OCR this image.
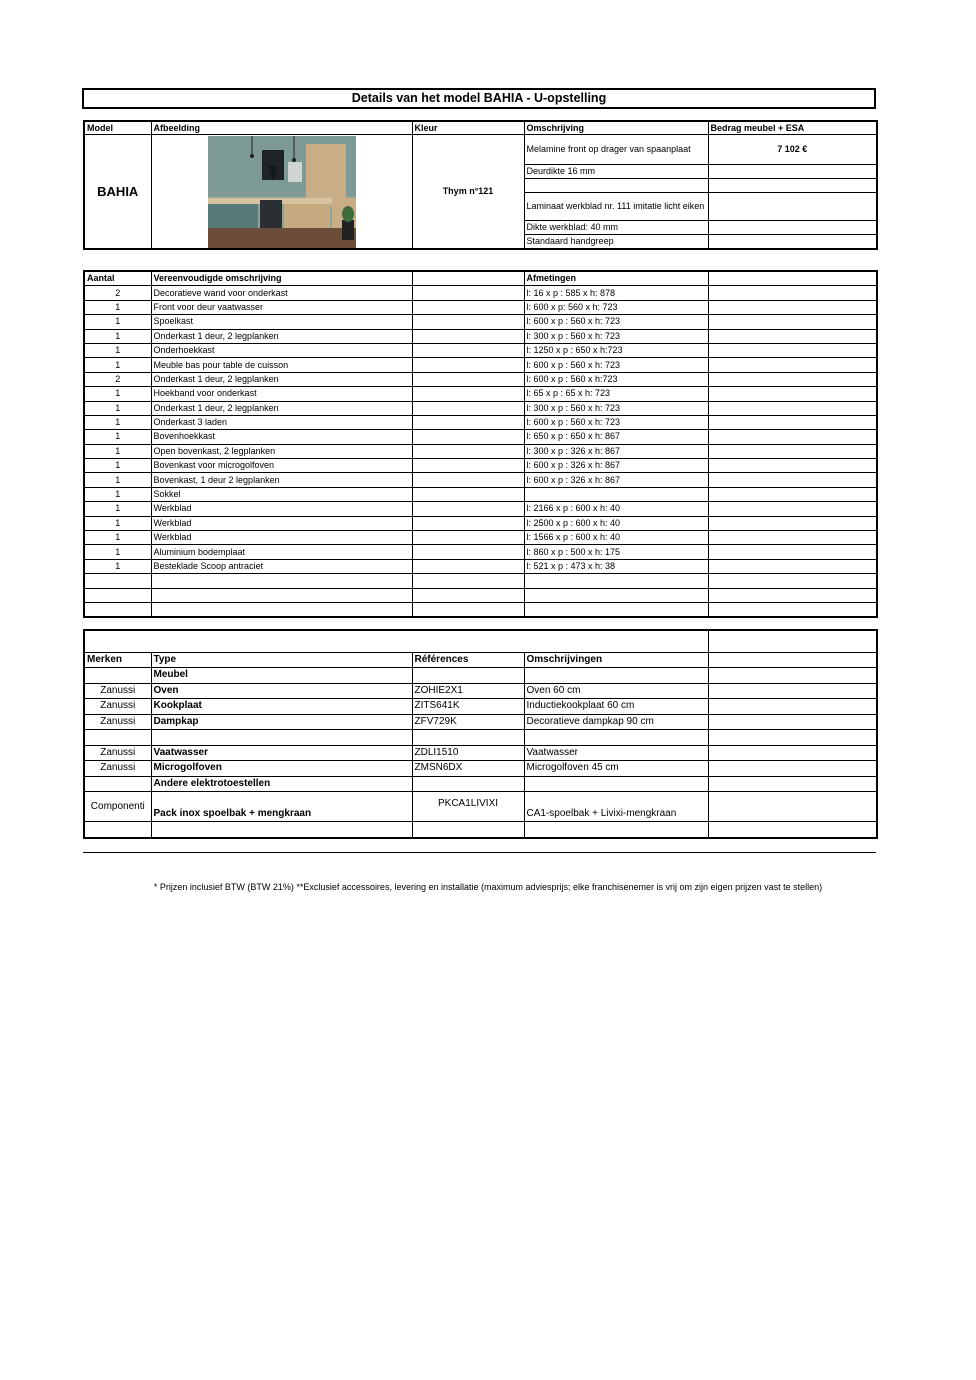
Details van het model BAHIA - U-opstelling
Model	Afbeelding	Kleur	Omschrijving	Bedrag meubel + ESA
BAHIA		Thym n°121	Melamine front op drager van spaanplaat	7 102 €
			Deurdikte 16 mm	

			Laminaat werkblad nr. 111 imitatie licht eiken	
			Dikte werkblad: 40 mm	
			Standaard handgreep	
Aantal	Vereenvoudigde omschrijving		Afmetingen	
2	Decoratieve wand voor onderkast		l: 16 x p : 585 x h: 878	
1	Front voor deur vaatwasser		l: 600 x p: 560 x h: 723	
1	Spoelkast		l: 600 x p : 560 x h: 723	
1	Onderkast 1 deur, 2 legplanken		l: 300 x p : 560 x h: 723	
1	Onderhoekkast		l: 1250 x p : 650 x h:723	
1	Meuble bas pour table de cuisson		l: 600 x p : 560 x h: 723	
2	Onderkast 1 deur, 2 legplanken		l: 600 x p : 560 x h:723	
1	Hoekband voor onderkast		l: 65 x p : 65 x h: 723	
1	Onderkast 1 deur, 2 legplanken		l: 300 x p : 560 x h: 723	
1	Onderkast 3 laden		l: 600 x p : 560 x h: 723	
1	Bovenhoekkast		l: 650 x p : 650 x h: 867	
1	Open bovenkast, 2 legplanken		l: 300 x p : 326 x h: 867	
1	Bovenkast voor microgolfoven		l: 600 x p : 326 x h: 867	
1	Bovenkast, 1 deur 2 legplanken		l: 600 x p : 326 x h: 867	
1	Sokkel			
1	Werkblad		l: 2166 x p : 600 x h: 40	
1	Werkblad		l: 2500 x p : 600 x h: 40	
1	Werkblad		l: 1566 x p : 600 x h: 40	
1	Aluminium bodemplaat		l: 860 x p : 500 x h: 175	
1	Besteklade Scoop antraciet		l: 521 x p : 473 x h: 38	

Merken	Type	Références	Omschrijvingen	
	Meubel			
Zanussi	Oven	ZOHIE2X1	Oven 60 cm	
Zanussi	Kookplaat	ZITS641K	Inductiekookplaat 60 cm	
Zanussi	Dampkap	ZFV729K	Decoratieve dampkap 90 cm	

Zanussi	Vaatwasser	ZDLI1510	Vaatwasser	
Zanussi	Microgolfoven	ZMSN6DX	Microgolfoven 45 cm	
	Andere elektrotoestellen			
Componenti	Pack inox spoelbak + mengkraan	PKCA1LIVIXI	CA1-spoelbak + Livixi-mengkraan	

* Prijzen inclusief BTW (BTW 21%) **Exclusief accessoires, levering en installatie (maximum adviesprijs; elke franchisenemer is vrij om zijn eigen prijzen vast te stellen)
